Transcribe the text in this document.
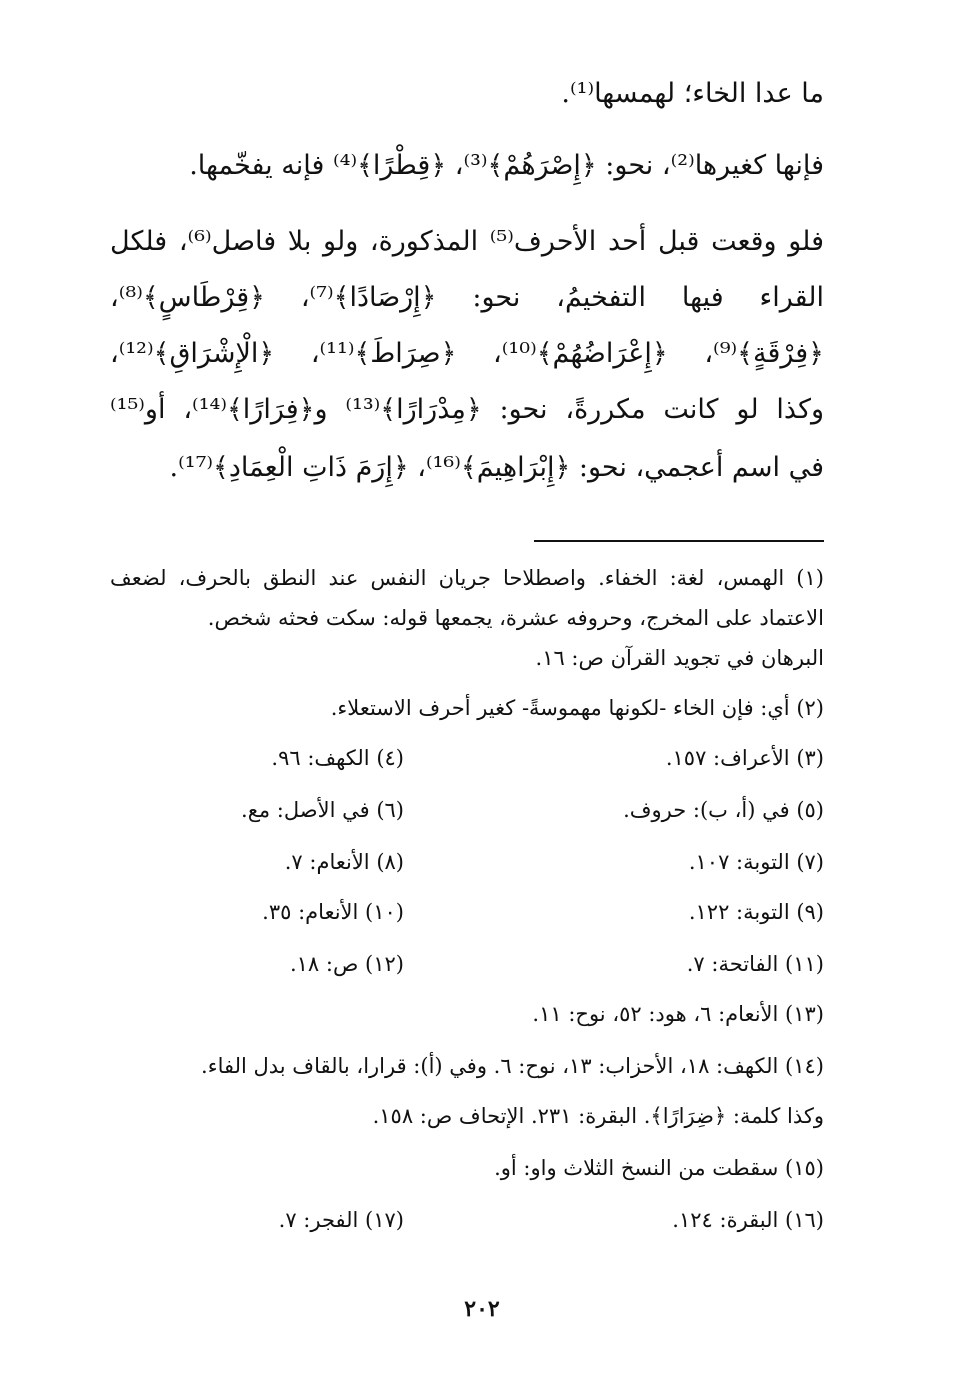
ما عدا الخاء؛ لهمسها⁽¹⁾.
فإنها كغيرها⁽²⁾، نحو: ﴿إِصْرَهُمْ﴾⁽³⁾، ﴿قِطْرًا﴾⁽⁴⁾ فإنه يفخّمها.
فلو وقعت قبل أحد الأحرف⁽⁵⁾ المذكورة، ولو بلا فاصل⁽⁶⁾، فلكل
القراء فيها التفخيمُ، نحو: ﴿إِرْصَادًا﴾⁽⁷⁾، ﴿قِرْطَاسٍ﴾⁽⁸⁾،
﴿فِرْقَةٍ﴾⁽⁹⁾، ﴿إِعْرَاضُهُمْ﴾⁽¹⁰⁾، ﴿صِرَاطَ﴾⁽¹¹⁾، ﴿الْإِشْرَاقِ﴾⁽¹²⁾،
وكذا لو كانت مكررةً، نحو: ﴿مِدْرَارًا﴾⁽¹³⁾ و﴿فِرَارًا﴾⁽¹⁴⁾، أو⁽¹⁵⁾
في اسم أعجمي، نحو: ﴿إِبْرَاهِيمَ﴾⁽¹⁶⁾، ﴿إِرَمَ ذَاتِ الْعِمَادِ﴾⁽¹⁷⁾.
(١) الهمس، لغة: الخفاء. واصطلاحا جريان النفس عند النطق بالحرف، لضعف
الاعتماد على المخرج، وحروفه عشرة، يجمعها قوله: سكت فحثه شخص.
البرهان في تجويد القرآن ص: ١٦.
(٢) أي: فإن الخاء -لكونها مهموسةً- كغير أحرف الاستعلاء.
(٣) الأعراف: ١٥٧.
(٤) الكهف: ٩٦.
(٥) في (أ، ب): حروف.
(٦) في الأصل: مع.
(٧) التوبة: ١٠٧.
(٨) الأنعام: ٧.
(٩) التوبة: ١٢٢.
(١٠) الأنعام: ٣٥.
(١١) الفاتحة: ٧.
(١٢) ص: ١٨.
(١٣) الأنعام: ٦، هود: ٥٢، نوح: ١١.
(١٤) الكهف: ١٨، الأحزاب: ١٣، نوح: ٦. وفي (أ): قرارا، بالقاف بدل الفاء.
وكذا كلمة: ﴿ضِرَارًا﴾. البقرة: ٢٣١. الإتحاف ص: ١٥٨.
(١٥) سقطت من النسخ الثلاث واو: أو.
(١٦) البقرة: ١٢٤.
(١٧) الفجر: ٧.
٢٠٢
